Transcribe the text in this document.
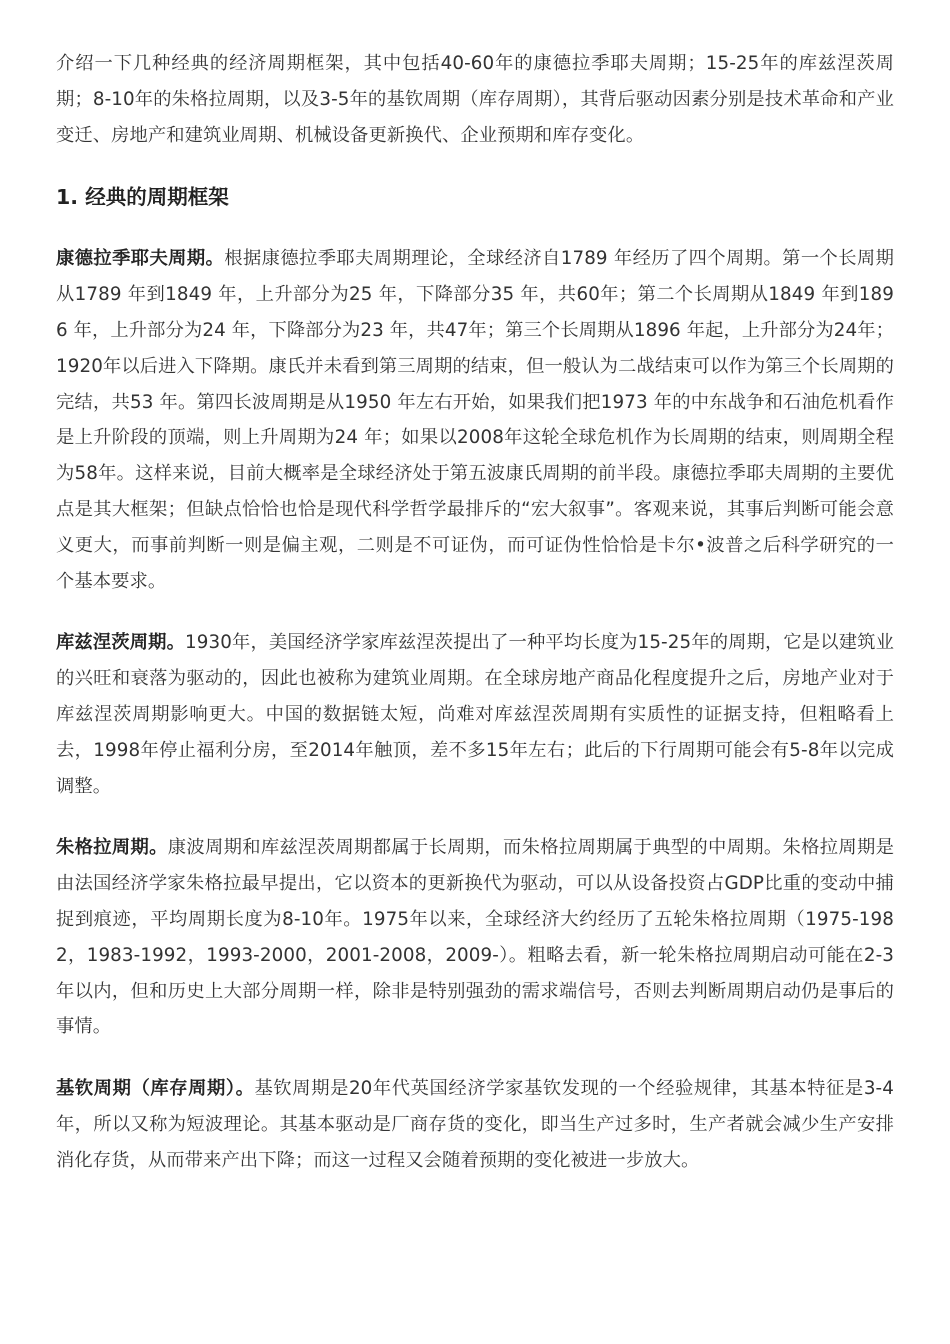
介绍一下几种经典的经济周期框架，其中包括40-60年的康德拉季耶夫周期；15-25年的库兹涅茨周期；8-10年的朱格拉周期，以及3-5年的基钦周期（库存周期），其背后驱动因素分别是技术革命和产业变迁、房地产和建筑业周期、机械设备更新换代、企业预期和库存变化。

1. 经典的周期框架

康德拉季耶夫周期。根据康德拉季耶夫周期理论，全球经济自1789 年经历了四个周期。第一个长周期从1789 年到1849 年，上升部分为25 年，下降部分35 年，共60年；第二个长周期从1849 年到1896 年，上升部分为24 年，下降部分为23 年，共47年；第三个长周期从1896 年起，上升部分为24年；1920年以后进入下降期。康氏并未看到第三周期的结束，但一般认为二战结束可以作为第三个长周期的完结，共53 年。第四长波周期是从1950 年左右开始，如果我们把1973 年的中东战争和石油危机看作是上升阶段的顶端，则上升周期为24 年；如果以2008年这轮全球危机作为长周期的结束，则周期全程为58年。这样来说，目前大概率是全球经济处于第五波康氏周期的前半段。康德拉季耶夫周期的主要优点是其大框架；但缺点恰恰也恰是现代科学哲学最排斥的“宏大叙事”。客观来说，其事后判断可能会意义更大，而事前判断一则是偏主观，二则是不可证伪，而可证伪性恰恰是卡尔•波普之后科学研究的一个基本要求。

库兹涅茨周期。1930年，美国经济学家库兹涅茨提出了一种平均长度为15-25年的周期，它是以建筑业的兴旺和衰落为驱动的，因此也被称为建筑业周期。在全球房地产商品化程度提升之后，房地产业对于库兹涅茨周期影响更大。中国的数据链太短，尚难对库兹涅茨周期有实质性的证据支持，但粗略看上去，1998年停止福利分房，至2014年触顶，差不多15年左右；此后的下行周期可能会有5-8年以完成调整。

朱格拉周期。康波周期和库兹涅茨周期都属于长周期，而朱格拉周期属于典型的中周期。朱格拉周期是由法国经济学家朱格拉最早提出，它以资本的更新换代为驱动，可以从设备投资占GDP比重的变动中捕捉到痕迹，平均周期长度为8-10年。1975年以来，全球经济大约经历了五轮朱格拉周期（1975-1982，1983-1992，1993-2000，2001-2008，2009-）。粗略去看，新一轮朱格拉周期启动可能在2-3年以内，但和历史上大部分周期一样，除非是特别强劲的需求端信号，否则去判断周期启动仍是事后的事情。

基钦周期（库存周期）。基钦周期是20年代英国经济学家基钦发现的一个经验规律，其基本特征是3-4年，所以又称为短波理论。其基本驱动是厂商存货的变化，即当生产过多时，生产者就会减少生产安排消化存货，从而带来产出下降；而这一过程又会随着预期的变化被进一步放大。
